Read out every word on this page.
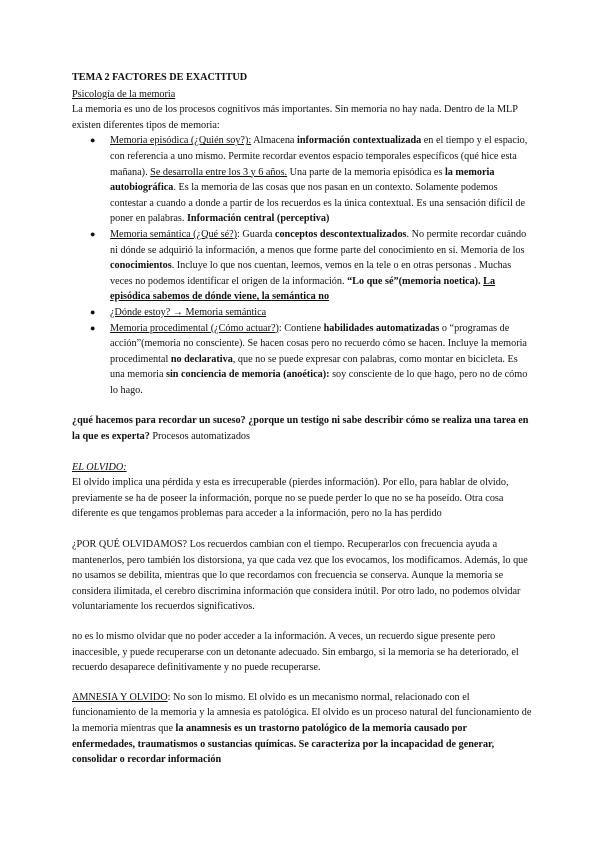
TEMA 2 FACTORES DE EXACTITUD

Psicología de la memoria

La memoria es uno de los procesos cognitivos más importantes. Sin memoria no hay nada. Dentro de la MLP existen diferentes tipos de memoria:

● Memoria episódica (¿Quién soy?): Almacena información contextualizada en el tiempo y el espacio, con referencia a uno mismo. Permite recordar eventos espacio temporales específicos (qué hice esta mañana). Se desarrolla entre los 3 y 6 años. Una parte de la memoria episódica es la memoria autobiográfica. Es la memoria de las cosas que nos pasan en un contexto. Solamente podemos contestar a cuando a donde a partir de los recuerdos es la única contextual. Es una sensación difícil de poner en palabras. Información central (perceptiva)
● Memoria semántica (¿Qué sé?): Guarda conceptos descontextualizados. No permite recordar cuándo ni dónde se adquirió la información, a menos que forme parte del conocimiento en sí. Memoria de los conocimientos. Incluye lo que nos cuentan, leemos, vemos en la tele o en otras personas . Muchas veces no podemos identificar el origen de la información. “Lo que sé”(memoria noetica). La episódica sabemos de dónde viene, la semántica no
● ¿Dónde estoy? → Memoria semántica
● Memoria procedimental (¿Cómo actuar?): Contiene habilidades automatizadas o “programas de acción”(memoria no consciente). Se hacen cosas pero no recuerdo cómo se hacen. Incluye la memoria procedimental no declarativa, que no se puede expresar con palabras, como montar en bicicleta. Es una memoria sin conciencia de memoria (anoética): soy consciente de lo que hago, pero no de cómo lo hago.

¿qué hacemos para recordar un suceso? ¿porque un testigo ni sabe describir cómo se realiza una tarea en la que es experta? Procesos automatizados

EL OLVIDO:

El olvido implica una pérdida y esta es irrecuperable (pierdes información). Por ello, para hablar de olvido, previamente se ha de poseer la información, porque no se puede perder lo que no se ha poseído. Otra cosa diferente es que tengamos problemas para acceder a la información, pero no la has perdido

¿POR QUÉ OLVIDAMOS? Los recuerdos cambian con el tiempo. Recuperarlos con frecuencia ayuda a mantenerlos, pero también los distorsiona, ya que cada vez que los evocamos, los modificamos. Además, lo que no usamos se debilita, mientras que lo que recordamos con frecuencia se conserva. Aunque la memoria se considera ilimitada, el cerebro discrimina información que considera inútil. Por otro lado, no podemos olvidar voluntariamente los recuerdos significativos.

no es lo mismo olvidar que no poder acceder a la información. A veces, un recuerdo sigue presente pero inaccesible, y puede recuperarse con un detonante adecuado. Sin embargo, si la memoria se ha deteriorado, el recuerdo desaparece definitivamente y no puede recuperarse.

AMNESIA Y OLVIDO: No son lo mismo. El olvido es un mecanismo normal, relacionado con el funcionamiento de la memoria y la amnesia es patológica. El olvido es un proceso natural del funcionamiento de la memoria mientras que la anamnesis es un trastorno patológico de la memoria causado por enfermedades, traumatismos o sustancias químicas. Se caracteriza por la incapacidad de generar, consolidar o recordar información
